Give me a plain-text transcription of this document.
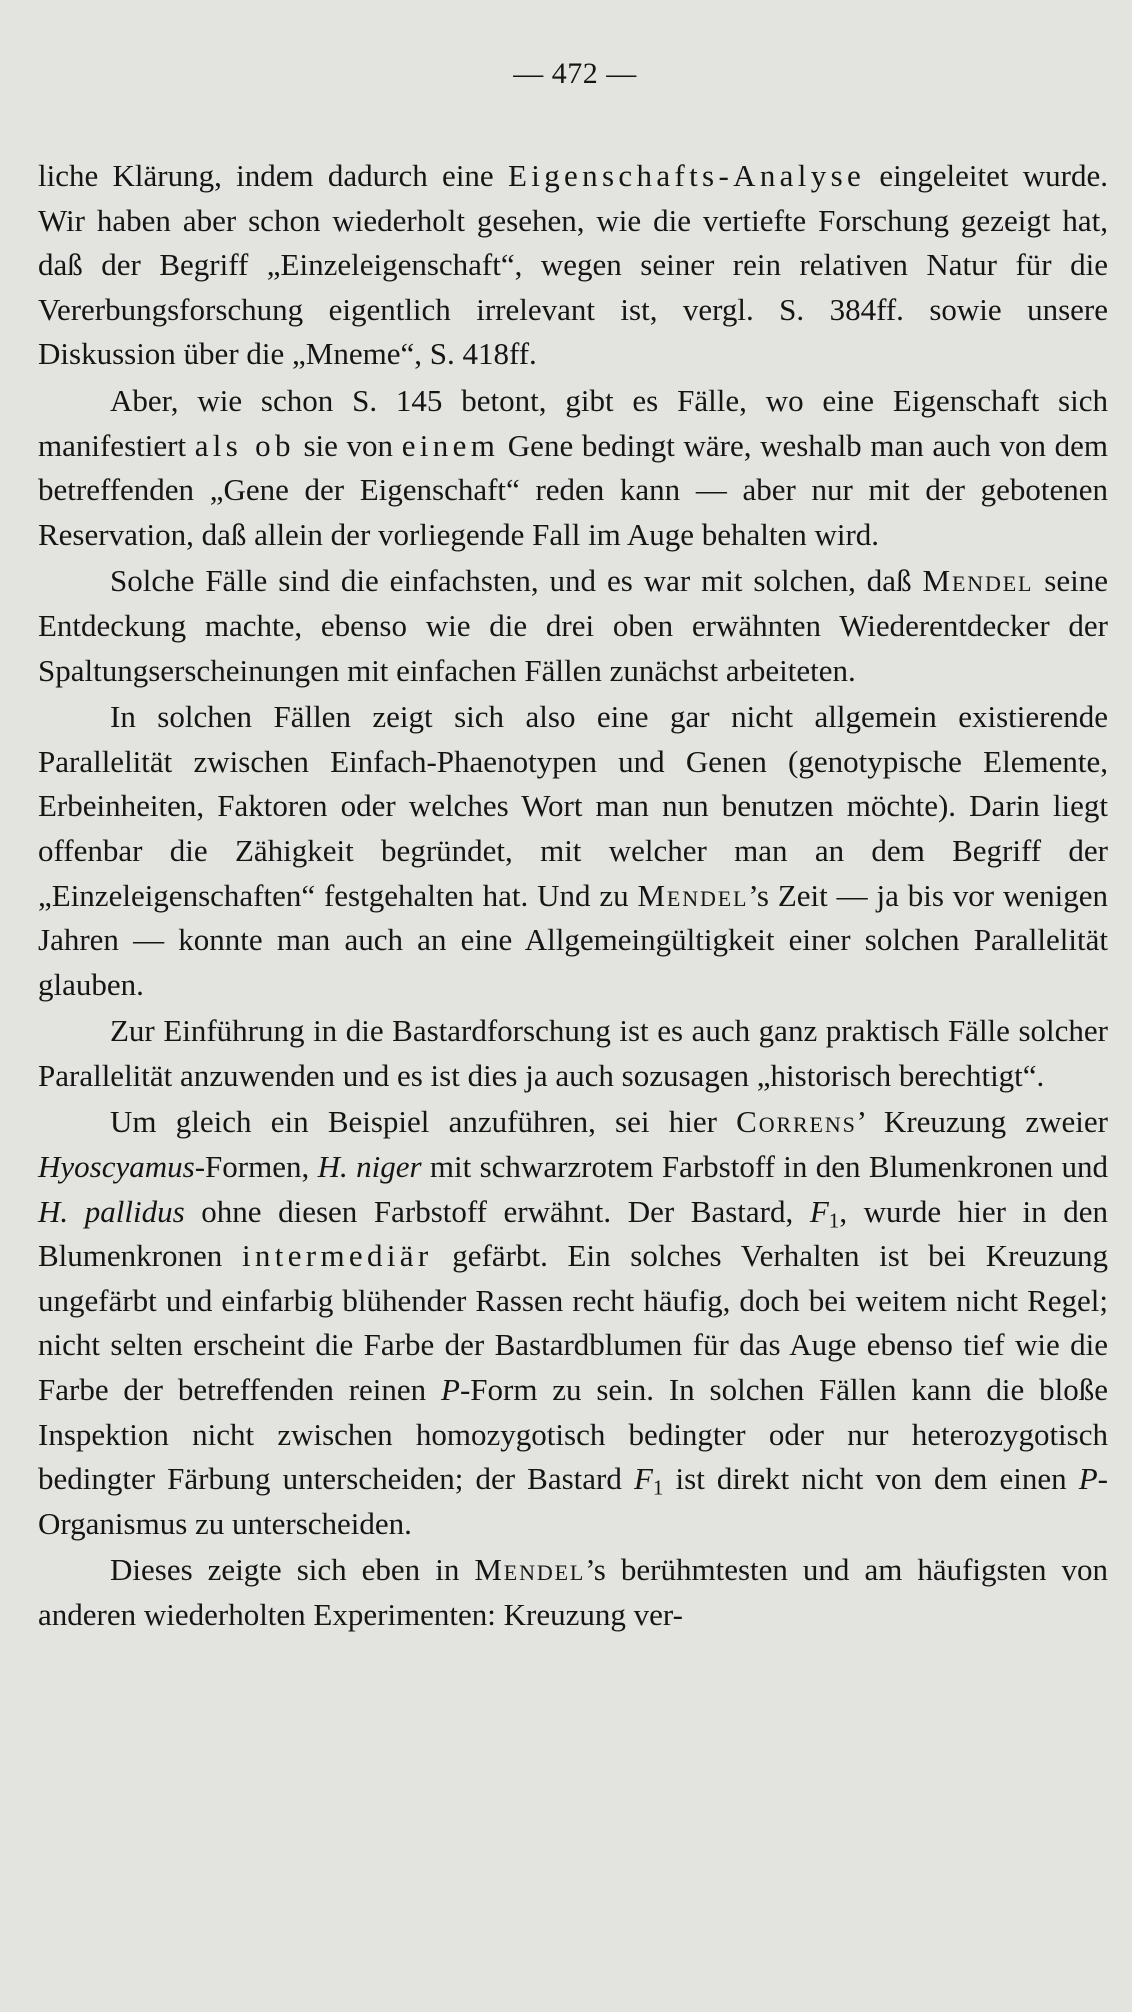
— 472 —

liche Klärung, indem dadurch eine Eigenschafts-Analyse eingeleitet wurde. Wir haben aber schon wiederholt gesehen, wie die vertiefte Forschung gezeigt hat, daß der Begriff „Einzeleigenschaft“, wegen seiner rein relativen Natur für die Vererbungsforschung eigentlich irrelevant ist, vergl. S. 384ff. sowie unsere Diskussion über die „Mneme“, S. 418ff.

Aber, wie schon S. 145 betont, gibt es Fälle, wo eine Eigenschaft sich manifestiert als ob sie von einem Gene bedingt wäre, weshalb man auch von dem betreffenden „Gene der Eigenschaft“ reden kann — aber nur mit der gebotenen Reservation, daß allein der vorliegende Fall im Auge behalten wird.

Solche Fälle sind die einfachsten, und es war mit solchen, daß Mendel seine Entdeckung machte, ebenso wie die drei oben erwähnten Wiederentdecker der Spaltungserscheinungen mit einfachen Fällen zunächst arbeiteten.

In solchen Fällen zeigt sich also eine gar nicht allgemein existierende Parallelität zwischen Einfach-Phaenotypen und Genen (genotypische Elemente, Erbeinheiten, Faktoren oder welches Wort man nun benutzen möchte). Darin liegt offenbar die Zähigkeit begründet, mit welcher man an dem Begriff der „Einzeleigenschaften“ festgehalten hat. Und zu Mendel’s Zeit — ja bis vor wenigen Jahren — konnte man auch an eine Allgemeingültigkeit einer solchen Parallelität glauben.

Zur Einführung in die Bastardforschung ist es auch ganz praktisch Fälle solcher Parallelität anzuwenden und es ist dies ja auch sozusagen „historisch berechtigt“.

Um gleich ein Beispiel anzuführen, sei hier Correns’ Kreuzung zweier Hyoscyamus-Formen, H. niger mit schwarzrotem Farbstoff in den Blumenkronen und H. pallidus ohne diesen Farbstoff erwähnt. Der Bastard, $F_1$, wurde hier in den Blumenkronen intermediär gefärbt. Ein solches Verhalten ist bei Kreuzung ungefärbt und einfarbig blühender Rassen recht häufig, doch bei weitem nicht Regel; nicht selten erscheint die Farbe der Bastardblumen für das Auge ebenso tief wie die Farbe der betreffenden reinen P-Form zu sein. In solchen Fällen kann die bloße Inspektion nicht zwischen homozygotisch bedingter oder nur heterozygotisch bedingter Färbung unterscheiden; der Bastard $F_1$ ist direkt nicht von dem einen P-Organismus zu unterscheiden.

Dieses zeigte sich eben in Mendel’s berühmtesten und am häufigsten von anderen wiederholten Experimenten: Kreuzung ver-
